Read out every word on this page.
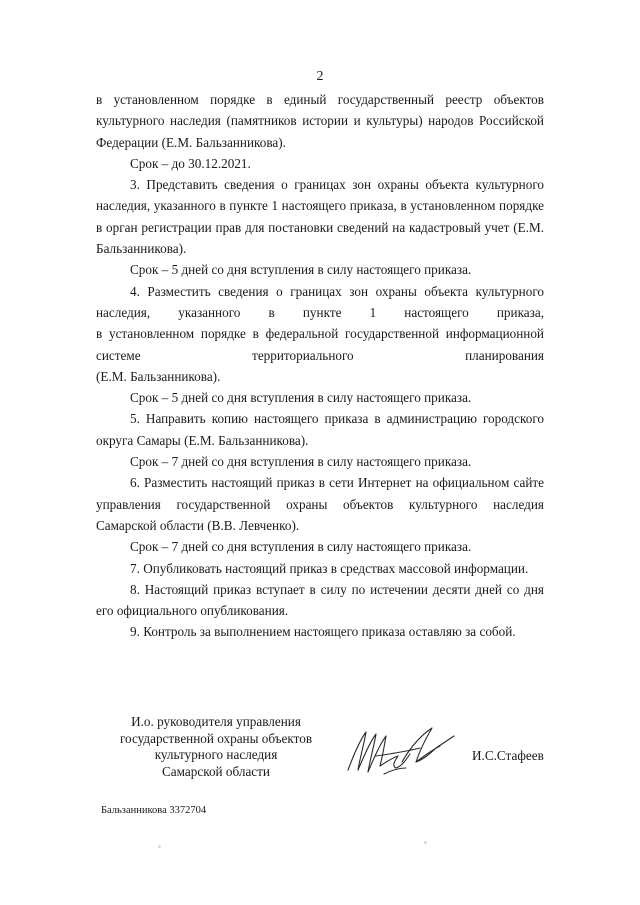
2

в установленном порядке в единый государственный реестр объектов культурного наследия (памятников истории и культуры) народов Российской Федерации (Е.М. Бальзанникова).

Срок – до 30.12.2021.

3. Представить сведения о границах зон охраны объекта культурного наследия, указанного в пункте 1 настоящего приказа, в установленном порядке в орган регистрации прав для постановки сведений на кадастровый учет (Е.М. Бальзанникова).

Срок – 5 дней со дня вступления в силу настоящего приказа.

4. Разместить сведения о границах зон охраны объекта культурного наследия, указанного в пункте 1 настоящего приказа,

в установленном порядке в федеральной государственной информационной системе территориального планирования

(Е.М. Бальзанникова).

Срок – 5 дней со дня вступления в силу настоящего приказа.

5. Направить копию настоящего приказа в администрацию городского округа Самары (Е.М. Бальзанникова).

Срок – 7 дней со дня вступления в силу настоящего приказа.

6. Разместить настоящий приказ в сети Интернет на официальном сайте управления государственной охраны объектов культурного наследия Самарской области (В.В. Левченко).

Срок – 7 дней со дня вступления в силу настоящего приказа.

7. Опубликовать настоящий приказ в средствах массовой информации.

8. Настоящий приказ вступает в силу по истечении десяти дней со дня его официального опубликования.

9. Контроль за выполнением настоящего приказа оставляю за собой.

И.о. руководителя управления
государственной охраны объектов
культурного наследия
Самарской области
И.С.Стафеев
Бальзанникова 3372704
◦	◦
